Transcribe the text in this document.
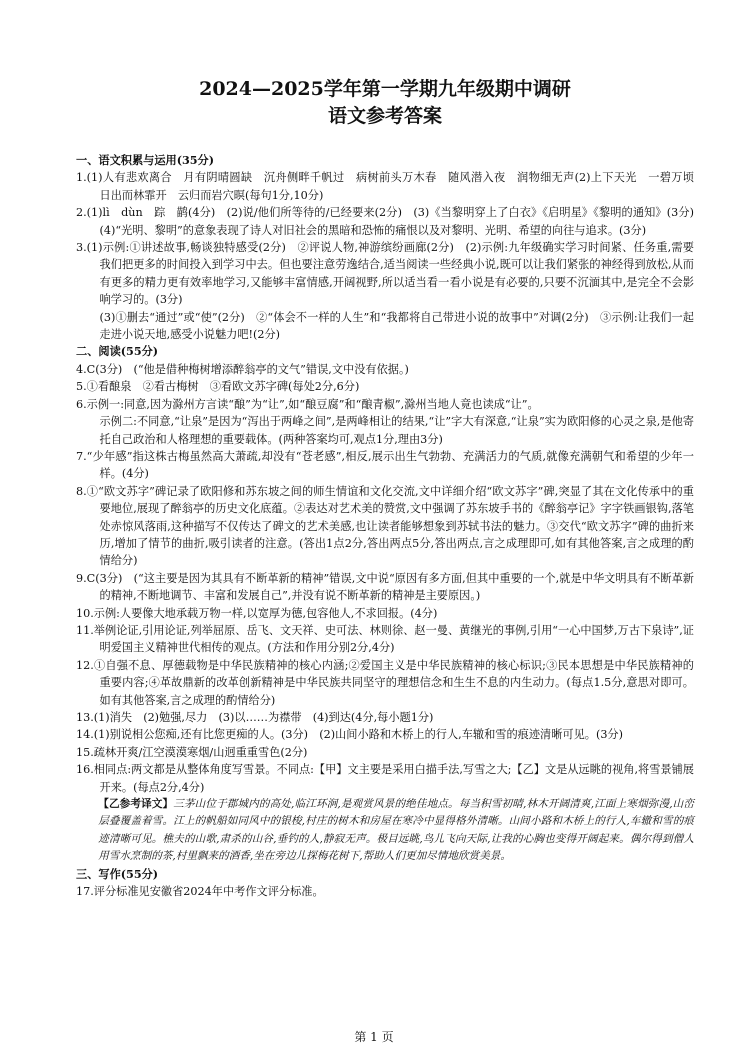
2024—2025学年第一学期九年级期中调研
语文参考答案

一、语文积累与运用(35分)

1.(1)人有悲欢离合　月有阴晴圆缺　沉舟侧畔千帆过　病树前头万木春　随风潜入夜　润物细无声(2)上下天光　一碧万顷　日出而林霏开　云归而岩穴暝(每句1分,10分)

2.(1)lì　dùn　踪　鹋(4分)　(2)说/他们所等待的/已经要来(2分)　(3)《当黎明穿上了白衣》《启明星》《黎明的通知》(3分)　(4)“光明、黎明”的意象表现了诗人对旧社会的黑暗和恐怖的痛恨以及对黎明、光明、希望的向往与追求。(3分)

3.(1)示例:①讲述故事,畅谈独特感受(2分)　②评说人物,神游缤纷画廊(2分)　(2)示例:九年级确实学习时间紧、任务重,需要我们把更多的时间投入到学习中去。但也要注意劳逸结合,适当阅读一些经典小说,既可以让我们紧张的神经得到放松,从而有更多的精力更有效率地学习,又能够丰富情感,开阔视野,所以适当看一看小说是有必要的,只要不沉湎其中,是完全不会影响学习的。(3分)

(3)①删去“通过”或“使”(2分)　②“体会不一样的人生”和“我都将自己带进小说的故事中”对调(2分)　③示例:让我们一起走进小说天地,感受小说魅力吧!(2分)

二、阅读(55分)

4.C(3分)　(“他是借种梅树增添醉翁亭的文气”错误,文中没有依据。)

5.①看酿泉　②看古梅树　③看欧文苏字碑(每处2分,6分)

6.示例一:同意,因为滁州方言读“酿”为“让”,如“酿豆腐”和“酿青椒”,滁州当地人竟也读成“让”。

示例二:不同意,“让泉”是因为“泻出于两峰之间”,是两峰相让的结果,“让”字大有深意,“让泉”实为欧阳修的心灵之泉,是他寄托自己政治和人格理想的重要载体。(两种答案均可,观点1分,理由3分)

7.“少年感”指这株古梅虽然高大萧疏,却没有“苍老感”,相反,展示出生气勃勃、充满活力的气质,就像充满朝气和希望的少年一样。(4分)

8.①“欧文苏字”碑记录了欧阳修和苏东坡之间的师生情谊和文化交流,文中详细介绍“欧文苏字”碑,突显了其在文化传承中的重要地位,展现了醉翁亭的历史文化底蕴。②表达对艺术美的赞赏,文中强调了苏东坡手书的《醉翁亭记》字字铁画银钩,落笔处赤惊风落雨,这种描写不仅传达了碑文的艺术美感,也让读者能够想象到苏轼书法的魅力。③交代“欧文苏字”碑的曲折来历,增加了情节的曲折,吸引读者的注意。(答出1点2分,答出两点5分,答出两点,言之成理即可,如有其他答案,言之成理的酌情给分)

9.C(3分)　(“这主要是因为其具有不断革新的精神”错误,文中说“原因有多方面,但其中重要的一个,就是中华文明具有不断革新的精神,不断地调节、丰富和发展自己”,并没有说不断革新的精神是主要原因。)

10.示例:人要像大地承载万物一样,以宽厚为德,包容他人,不求回报。(4分)

11.举例论证,引用论证,列举屈原、岳飞、文天祥、史可法、林则徐、赵一曼、黄继光的事例,引用“一心中国梦,万古下泉诗”,证明爱国主义精神世代相传的观点。(方法和作用分别2分,4分)

12.①自强不息、厚德载物是中华民族精神的核心内涵;②爱国主义是中华民族精神的核心标识;③民本思想是中华民族精神的重要内容;④革故鼎新的改革创新精神是中华民族共同坚守的理想信念和生生不息的内生动力。(每点1.5分,意思对即可。如有其他答案,言之成理的酌情给分)

13.(1)消失　(2)勉强,尽力　(3)以……为襟带　(4)到达(4分,每小题1分)

14.(1)别说相公您痴,还有比您更痴的人。(3分)　(2)山间小路和木桥上的行人,车辙和雪的痕迹清晰可见。(3分)

15.疏林开爽/江空漠漠寒烟/山迥重重雪色(2分)

16.相同点:两文都是从整体角度写雪景。不同点:【甲】文主要是采用白描手法,写雪之大;【乙】文是从远眺的视角,将雪景铺展开来。(每点2分,4分)

【乙参考译文】三茅山位于郡城内的高处,临江环涧,是观赏风景的绝佳地点。每当积雪初晴,林木开阔清爽,江面上寒烟弥漫,山峦层叠覆盖着雪。江上的帆船如同风中的银梭,村庄的树木和房屋在寒冷中显得格外清晰。山间小路和木桥上的行人,车辙和雪的痕迹清晰可见。樵夫的山歌,肃杀的山谷,垂钓的人,静寂无声。极目远眺,鸟儿飞向天际,让我的心胸也变得开阔起来。偶尔得到僧人用雪水烹制的茶,村里飘来的酒香,坐在旁边儿探梅花树下,帮助人们更加尽情地欣赏美景。

三、写作(55分)

17.评分标准见安徽省2024年中考作文评分标准。

第 1 页
